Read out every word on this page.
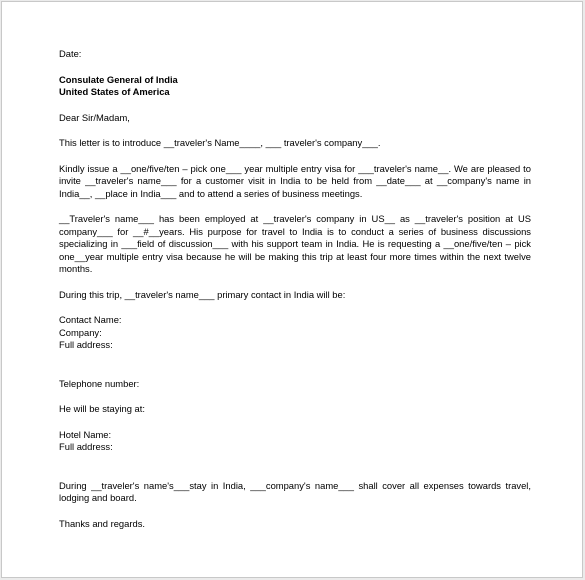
Date:

Consulate General of India

United States of America

Dear Sir/Madam,

This letter is to introduce __traveler's Name____, ___ traveler's company___.

Kindly issue a __one/five/ten – pick one___ year multiple entry visa for ___traveler's name__. We are pleased to invite __traveler's name___ for a customer visit in India to be held from __date___ at __company's name in India__, __place in India___ and to attend a series of business meetings.

__Traveler's name___ has been employed at __traveler's company in US__ as __traveler's position at US company___ for __#__years. His purpose for travel to India is to conduct a series of business discussions specializing in ___field of discussion___ with his support team in India. He is requesting a __one/five/ten – pick one__year multiple entry visa because he will be making this trip at least four more times within the next twelve months.

During this trip, __traveler's name___ primary contact in India will be:

Contact Name:

Company:

Full address:

Telephone number:

He will be staying at:

Hotel Name:

Full address:

During __traveler's name's___stay in India, ___company's name___ shall cover all expenses towards travel, lodging and board.

Thanks and regards.
